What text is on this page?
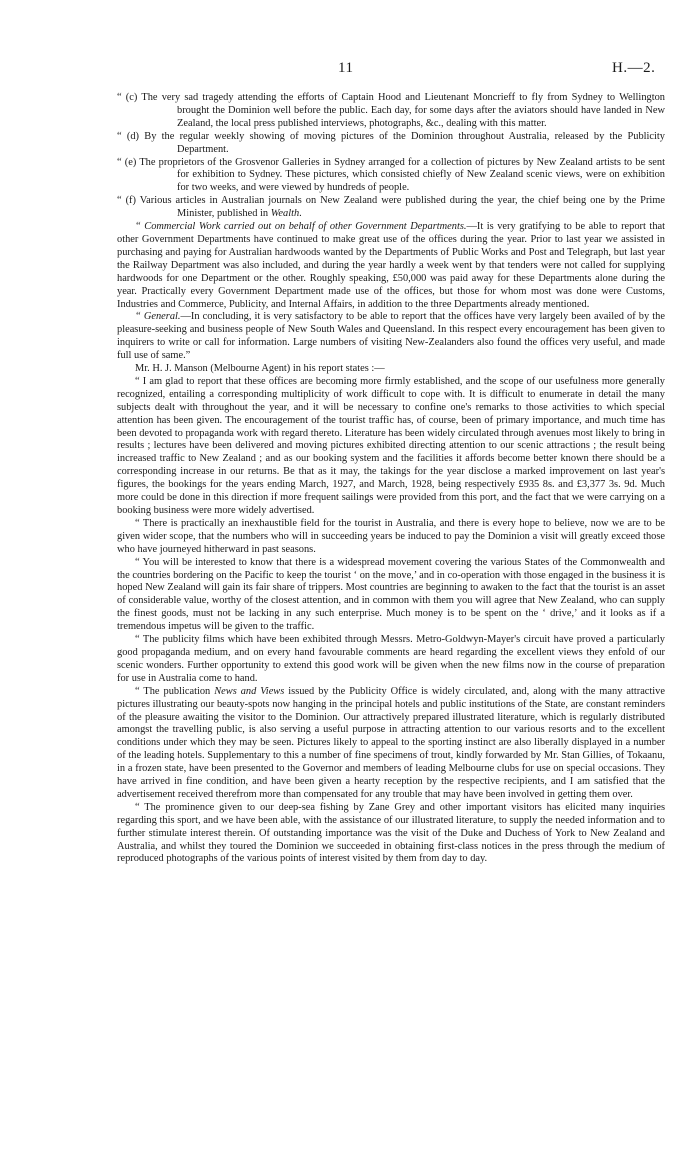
11	H.—2.

“ (c) The very sad tragedy attending the efforts of Captain Hood and Lieutenant Moncrieff to fly from Sydney to Wellington brought the Dominion well before the public. Each day, for some days after the aviators should have landed in New Zealand, the local press published interviews, photographs, &c., dealing with this matter.

“ (d) By the regular weekly showing of moving pictures of the Dominion throughout Australia, released by the Publicity Department.

“ (e) The proprietors of the Grosvenor Galleries in Sydney arranged for a collection of pictures by New Zealand artists to be sent for exhibition to Sydney. These pictures, which consisted chiefly of New Zealand scenic views, were on exhibition for two weeks, and were viewed by hundreds of people.

“ (f) Various articles in Australian journals on New Zealand were published during the year, the chief being one by the Prime Minister, published in Wealth.

“ Commercial Work carried out on behalf of other Government Departments.—It is very gratifying to be able to report that other Government Departments have continued to make great use of the offices during the year. Prior to last year we assisted in purchasing and paying for Australian hardwoods wanted by the Departments of Public Works and Post and Telegraph, but last year the Railway Department was also included, and during the year hardly a week went by that tenders were not called for supplying hardwoods for one Department or the other. Roughly speaking, £50,000 was paid away for these Departments alone during the year. Practically every Government Department made use of the offices, but those for whom most was done were Customs, Industries and Commerce, Publicity, and Internal Affairs, in addition to the three Departments already mentioned.

“ General.—In concluding, it is very satisfactory to be able to report that the offices have very largely been availed of by the pleasure-seeking and business people of New South Wales and Queensland. In this respect every encouragement has been given to inquirers to write or call for information. Large numbers of visiting New-Zealanders also found the offices very useful, and made full use of same.”

Mr. H. J. Manson (Melbourne Agent) in his report states :—

“ I am glad to report that these offices are becoming more firmly established, and the scope of our usefulness more generally recognized, entailing a corresponding multiplicity of work difficult to cope with. It is difficult to enumerate in detail the many subjects dealt with throughout the year, and it will be necessary to confine one's remarks to those activities to which special attention has been given. The encouragement of the tourist traffic has, of course, been of primary importance, and much time has been devoted to propaganda work with regard thereto. Literature has been widely circulated through avenues most likely to bring in results ; lectures have been delivered and moving pictures exhibited directing attention to our scenic attractions ; the result being increased traffic to New Zealand ; and as our booking system and the facilities it affords become better known there should be a corresponding increase in our returns. Be that as it may, the takings for the year disclose a marked improvement on last year's figures, the bookings for the years ending March, 1927, and March, 1928, being respectively £935 8s. and £3,377 3s. 9d. Much more could be done in this direction if more frequent sailings were provided from this port, and the fact that we were carrying on a booking business were more widely advertised.

“ There is practically an inexhaustible field for the tourist in Australia, and there is every hope to believe, now we are to be given wider scope, that the numbers who will in succeeding years be induced to pay the Dominion a visit will greatly exceed those who have journeyed hitherward in past seasons.

“ You will be interested to know that there is a widespread movement covering the various States of the Commonwealth and the countries bordering on the Pacific to keep the tourist ‘ on the move,’ and in co-operation with those engaged in the business it is hoped New Zealand will gain its fair share of trippers. Most countries are beginning to awaken to the fact that the tourist is an asset of considerable value, worthy of the closest attention, and in common with them you will agree that New Zealand, who can supply the finest goods, must not be lacking in any such enterprise. Much money is to be spent on the ‘ drive,’ and it looks as if a tremendous impetus will be given to the traffic.

“ The publicity films which have been exhibited through Messrs. Metro-Goldwyn-Mayer's circuit have proved a particularly good propaganda medium, and on every hand favourable comments are heard regarding the excellent views they enfold of our scenic wonders. Further opportunity to extend this good work will be given when the new films now in the course of preparation for use in Australia come to hand.

“ The publication News and Views issued by the Publicity Office is widely circulated, and, along with the many attractive pictures illustrating our beauty-spots now hanging in the principal hotels and public institutions of the State, are constant reminders of the pleasure awaiting the visitor to the Dominion. Our attractively prepared illustrated literature, which is regularly distributed amongst the travelling public, is also serving a useful purpose in attracting attention to our various resorts and to the excellent conditions under which they may be seen. Pictures likely to appeal to the sporting instinct are also liberally displayed in a number of the leading hotels. Supplementary to this a number of fine specimens of trout, kindly forwarded by Mr. Stan Gillies, of Tokaanu, in a frozen state, have been presented to the Governor and members of leading Melbourne clubs for use on special occasions. They have arrived in fine condition, and have been given a hearty reception by the respective recipients, and I am satisfied that the advertisement received therefrom more than compensated for any trouble that may have been involved in getting them over.

“ The prominence given to our deep-sea fishing by Zane Grey and other important visitors has elicited many inquiries regarding this sport, and we have been able, with the assistance of our illustrated literature, to supply the needed information and to further stimulate interest therein. Of outstanding importance was the visit of the Duke and Duchess of York to New Zealand and Australia, and whilst they toured the Dominion we succeeded in obtaining first-class notices in the press through the medium of reproduced photographs of the various points of interest visited by them from day to day.
